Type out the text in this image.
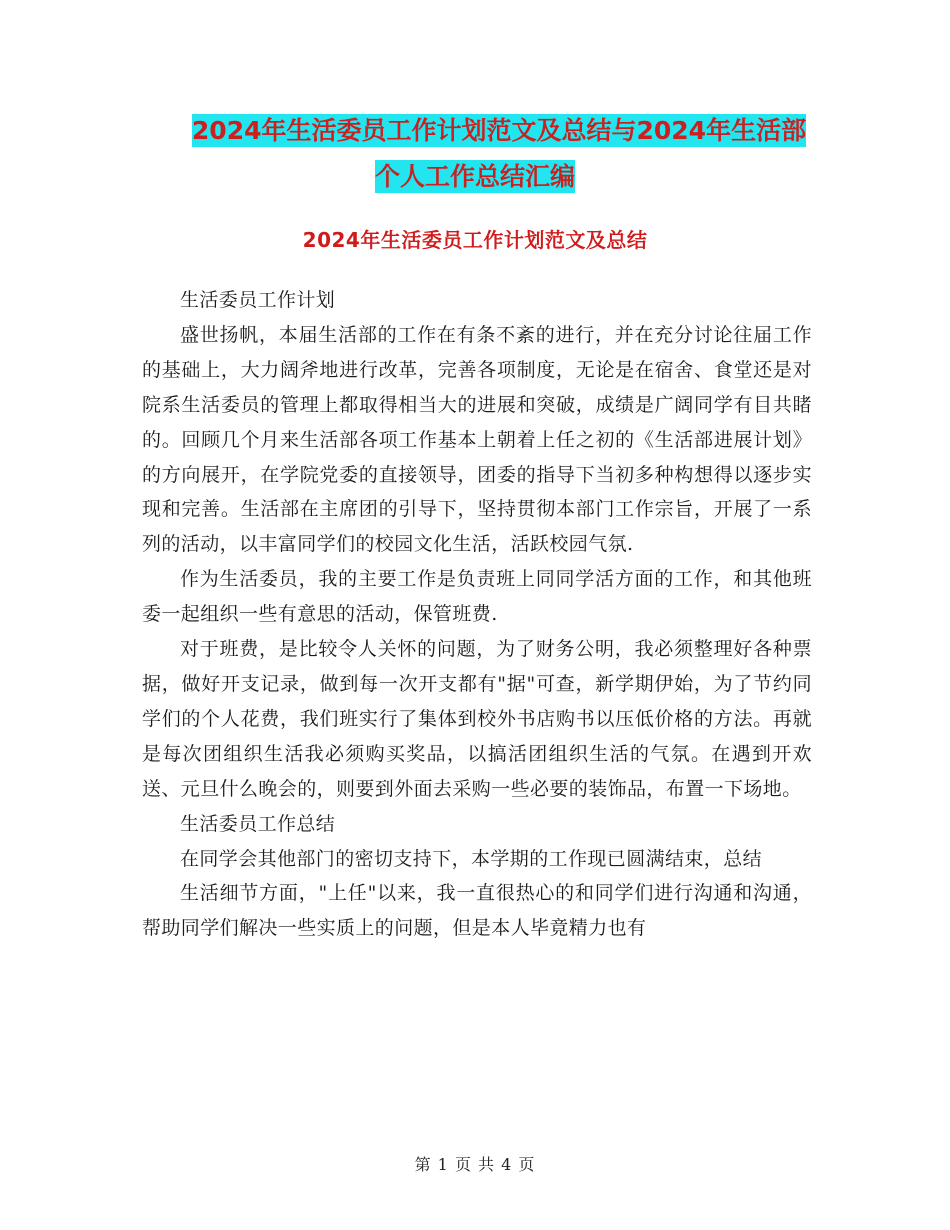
2024年生活委员工作计划范文及总结与2024年生活部
个人工作总结汇编
2024年生活委员工作计划范文及总结

生活委员工作计划

盛世扬帆，本届生活部的工作在有条不紊的进行，并在充分讨论往届工作的基础上，大力阔斧地进行改革，完善各项制度，无论是在宿舍、食堂还是对院系生活委员的管理上都取得相当大的进展和突破，成绩是广阔同学有目共睹的。回顾几个月来生活部各项工作基本上朝着上任之初的《生活部进展计划》的方向展开，在学院党委的直接领导，团委的指导下当初多种构想得以逐步实现和完善。生活部在主席团的引导下，坚持贯彻本部门工作宗旨，开展了一系列的活动，以丰富同学们的校园文化生活，活跃校园气氛.

作为生活委员，我的主要工作是负责班上同同学活方面的工作，和其他班委一起组织一些有意思的活动，保管班费.

对于班费，是比较令人关怀的问题，为了财务公明，我必须整理好各种票据，做好开支记录，做到每一次开支都有"据"可查，新学期伊始，为了节约同学们的个人花费，我们班实行了集体到校外书店购书以压低价格的方法。再就是每次团组织生活我必须购买奖品，以搞活团组织生活的气氛。在遇到开欢送、元旦什么晚会的，则要到外面去采购一些必要的装饰品，布置一下场地。

生活委员工作总结

在同学会其他部门的密切支持下，本学期的工作现已圆满结束，总结

生活细节方面，"上任"以来，我一直很热心的和同学们进行沟通和沟通，帮助同学们解决一些实质上的问题，但是本人毕竟精力也有

第 1 页 共 4 页
